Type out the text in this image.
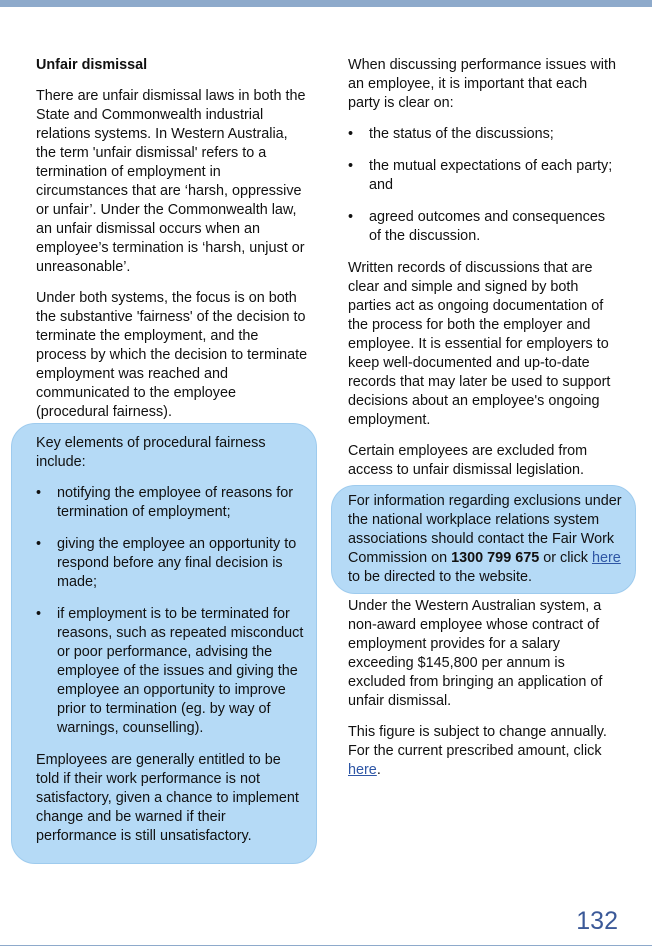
Unfair dismissal

There are unfair dismissal laws in both the State and Commonwealth industrial relations systems. In Western Australia, the term 'unfair dismissal' refers to a termination of employment in circumstances that are ‘harsh, oppressive or unfair’. Under the Commonwealth law, an unfair dismissal occurs when an employee’s termination is ‘harsh, unjust or unreasonable’.

Under both systems, the focus is on both the substantive 'fairness' of the decision to terminate the employment, and the process by which the decision to terminate employment was reached and communicated to the employee (procedural fairness).

Key elements of procedural fairness include:

• notifying the employee of reasons for termination of employment;
• giving the employee an opportunity to respond before any final decision is made;
• if employment is to be terminated for reasons, such as repeated misconduct or poor performance, advising the employee of the issues and giving the employee an opportunity to improve prior to termination (eg. by way of warnings, counselling).

Employees are generally entitled to be told if their work performance is not satisfactory, given a chance to implement change and be warned if their performance is still unsatisfactory.

When discussing performance issues with an employee, it is important that each party is clear on:

• the status of the discussions;
• the mutual expectations of each party; and
• agreed outcomes and consequences of the discussion.

Written records of discussions that are clear and simple and signed by both parties act as ongoing documentation of the process for both the employer and employee. It is essential for employers to keep well-documented and up-to-date records that may later be used to support decisions about an employee's ongoing employment.

Certain employees are excluded from access to unfair dismissal legislation.

For information regarding exclusions under the national workplace relations system associations should contact the Fair Work Commission on 1300 799 675 or click here to be directed to the website.

Under the Western Australian system, a non-award employee whose contract of employment provides for a salary exceeding $145,800 per annum is excluded from bringing an application of unfair dismissal.

This figure is subject to change annually. For the current prescribed amount, click here.

132
